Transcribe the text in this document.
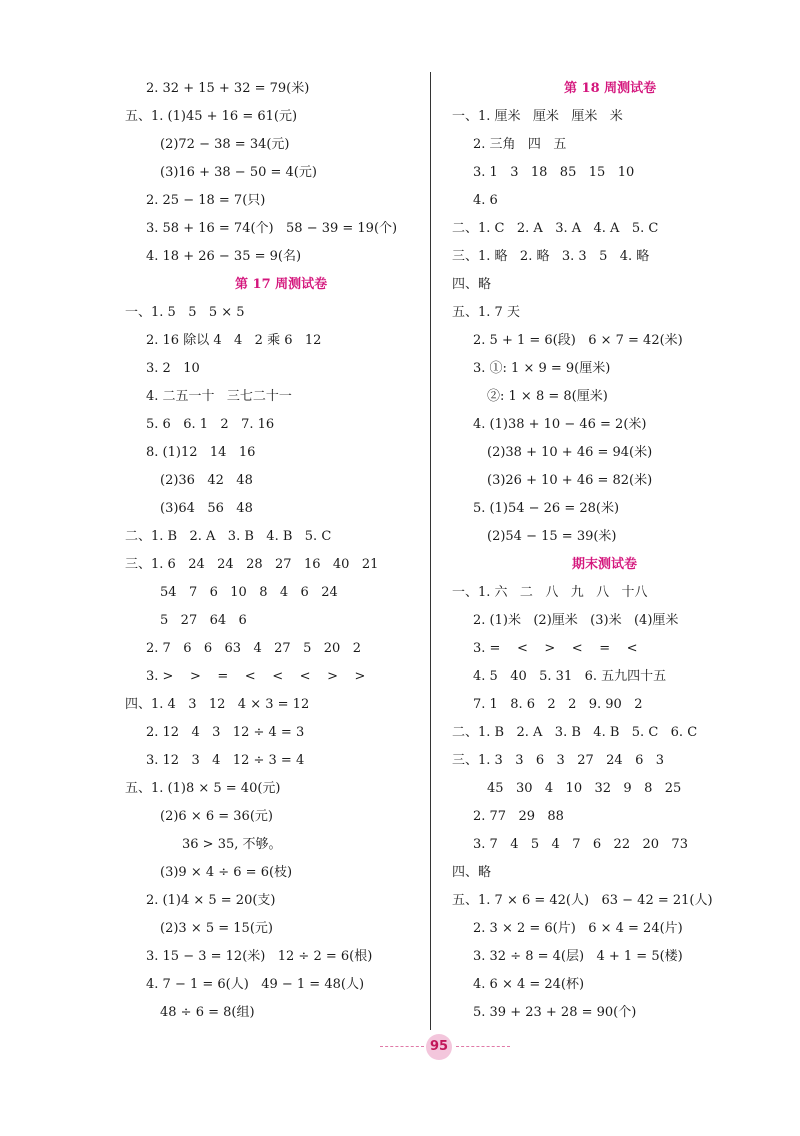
2. 32 + 15 + 32 = 79(米)
五、1. (1)45 + 16 = 61(元)
(2)72 − 38 = 34(元)
(3)16 + 38 − 50 = 4(元)
2. 25 − 18 = 7(只)
3. 58 + 16 = 74(个)   58 − 39 = 19(个)
4. 18 + 26 − 35 = 9(名)
第 17 周测试卷
一、1. 5   5   5 × 5
2. 16 除以 4   4   2 乘 6   12
3. 2   10
4. 二五一十   三七二十一
5. 6   6. 1   2   7. 16
8. (1)12   14   16
(2)36   42   48
(3)64   56   48
二、1. B   2. A   3. B   4. B   5. C
三、1. 6   24   24   28   27   16   40   21
54   7   6   10   8   4   6   24
2. 7   6   6   63   4   27   5   20   2
3. >    >    =    <    <    <    >    >
四、1. 4   3   12   4 × 3 = 12
2. 12   4   3   12 ÷ 4 = 3
3. 12   3   4   12 ÷ 3 = 4
五、1. (1)8 × 5 = 40(元)
(2)6 × 6 = 36(元)
36 > 35, 不够。
(3)9 × 4 ÷ 6 = 6(枝)
2. (1)4 × 5 = 20(支)
(2)3 × 5 = 15(元)
3. 15 − 3 = 12(米)   12 ÷ 2 = 6(根)
4. 7 − 1 = 6(人)   49 − 1 = 48(人)
48 ÷ 6 = 8(组)
5   27   64   6
第 18 周测试卷
一、1. 厘米   厘米   厘米   米
2. 三角   四   五
3. 1   3   18   85   15   10
4. 6
二、1. C   2. A   3. A   4. A   5. C
三、1. 略   2. 略   3. 3   5   4. 略
四、略
五、1. 7 天
2. 5 + 1 = 6(段)   6 × 7 = 42(米)
3. ①: 1 × 9 = 9(厘米)
②: 1 × 8 = 8(厘米)
4. (1)38 + 10 − 46 = 2(米)
(2)38 + 10 + 46 = 94(米)
(3)26 + 10 + 46 = 82(米)
5. (1)54 − 26 = 28(米)
(2)54 − 15 = 39(米)
期末测试卷
一、1. 六   二   八   九   八   十八
2. (1)米   (2)厘米   (3)米   (4)厘米
3. =    <    >    <    =    <
4. 5   40   5. 31   6. 五九四十五
7. 1   8. 6   2   2   9. 90   2
二、1. B   2. A   3. B   4. B   5. C   6. C
三、1. 3   3   6   3   27   24   6   3
45   30   4   10   32   9   8   25
2. 77   29   88
3. 7   4   5   4   7   6   22   20   73
四、略
五、1. 7 × 6 = 42(人)   63 − 42 = 21(人)
2. 3 × 2 = 6(片)   6 × 4 = 24(片)
3. 32 ÷ 8 = 4(层)   4 + 1 = 5(楼)
4. 6 × 4 = 24(杯)
5. 39 + 23 + 28 = 90(个)
95
